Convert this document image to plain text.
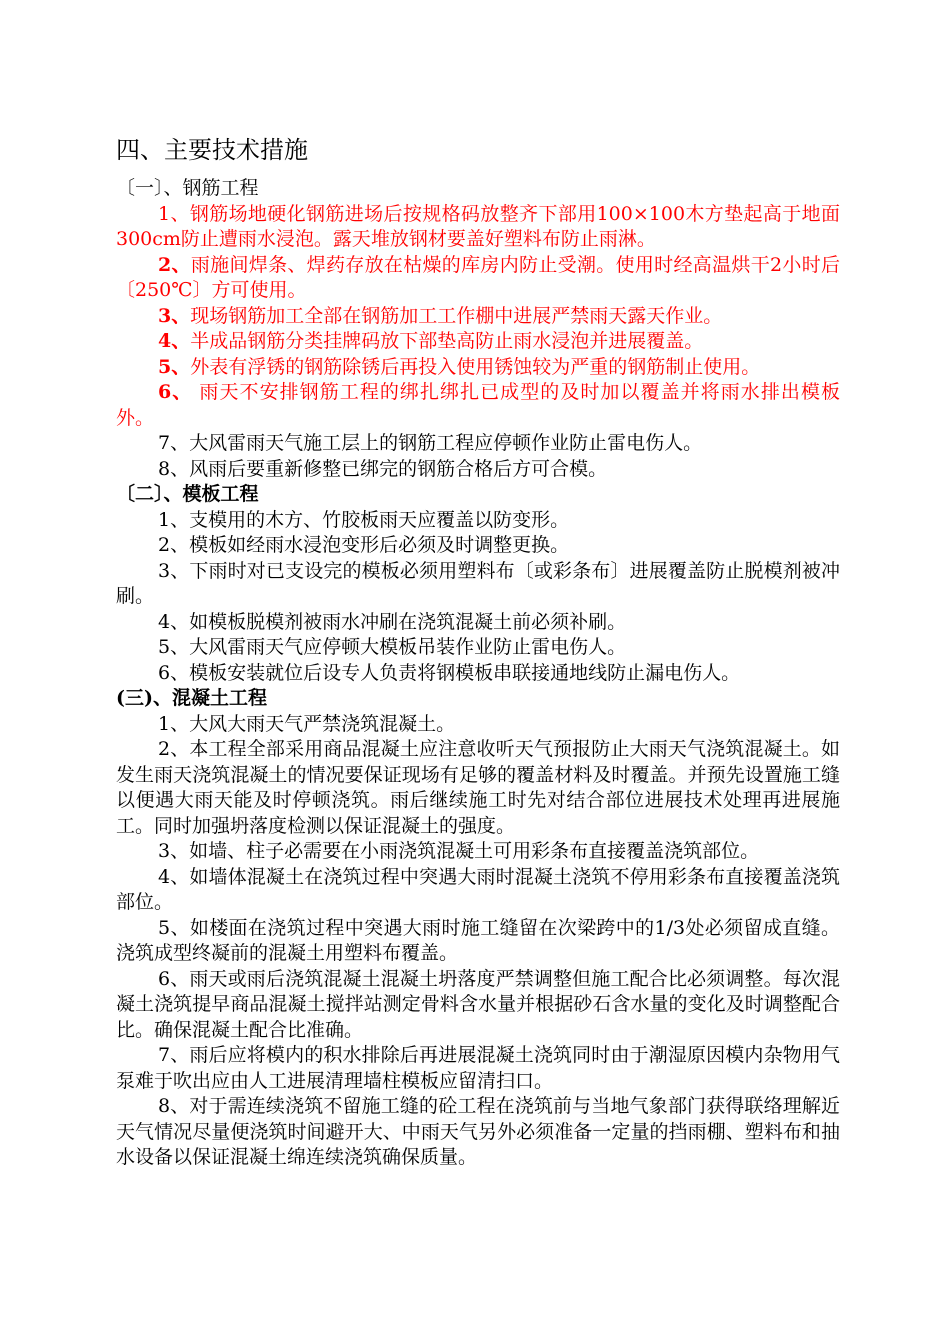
四、主要技术措施

〔一〕、钢筋工程

1、钢筋场地硬化钢筋进场后按规格码放整齐下部用100×100木方垫起高于地面300cm防止遭雨水浸泡。露天堆放钢材要盖好塑料布防止雨淋。

2、雨施间焊条、焊药存放在枯燥的库房内防止受潮。使用时经高温烘干2小时后〔250℃〕方可使用。

3、现场钢筋加工全部在钢筋加工工作棚中进展严禁雨天露天作业。

4、半成品钢筋分类挂牌码放下部垫高防止雨水浸泡并进展覆盖。

5、外表有浮锈的钢筋除锈后再投入使用锈蚀较为严重的钢筋制止使用。

6、 雨天不安排钢筋工程的绑扎绑扎已成型的及时加以覆盖并将雨水排出模板外。

7、大风雷雨天气施工层上的钢筋工程应停顿作业防止雷电伤人。

8、风雨后要重新修整已绑完的钢筋合格后方可合模。

〔二〕、模板工程

1、支模用的木方、竹胶板雨天应覆盖以防变形。

2、模板如经雨水浸泡变形后必须及时调整更换。

3、下雨时对已支设完的模板必须用塑料布〔或彩条布〕进展覆盖防止脱模剂被冲刷。

4、如模板脱模剂被雨水冲刷在浇筑混凝土前必须补刷。

5、大风雷雨天气应停顿大模板吊装作业防止雷电伤人。

6、模板安装就位后设专人负责将钢模板串联接通地线防止漏电伤人。

(三)、混凝土工程

1、大风大雨天气严禁浇筑混凝土。

2、本工程全部采用商品混凝土应注意收听天气预报防止大雨天气浇筑混凝土。如发生雨天浇筑混凝土的情况要保证现场有足够的覆盖材料及时覆盖。并预先设置施工缝以便遇大雨天能及时停顿浇筑。雨后继续施工时先对结合部位进展技术处理再进展施工。同时加强坍落度检测以保证混凝土的强度。

3、如墙、柱子必需要在小雨浇筑混凝土可用彩条布直接覆盖浇筑部位。

4、如墙体混凝土在浇筑过程中突遇大雨时混凝土浇筑不停用彩条布直接覆盖浇筑部位。

5、如楼面在浇筑过程中突遇大雨时施工缝留在次梁跨中的1/3处必须留成直缝。浇筑成型终凝前的混凝土用塑料布覆盖。

6、雨天或雨后浇筑混凝土混凝土坍落度严禁调整但施工配合比必须调整。每次混凝土浇筑提早商品混凝土搅拌站测定骨料含水量并根据砂石含水量的变化及时调整配合比。确保混凝土配合比准确。

7、雨后应将模内的积水排除后再进展混凝土浇筑同时由于潮湿原因模内杂物用气泵难于吹出应由人工进展清理墙柱模板应留清扫口。

8、对于需连续浇筑不留施工缝的砼工程在浇筑前与当地气象部门获得联络理解近天气情况尽量便浇筑时间避开大、中雨天气另外必须准备一定量的挡雨棚、塑料布和抽水设备以保证混凝土绵连续浇筑确保质量。
